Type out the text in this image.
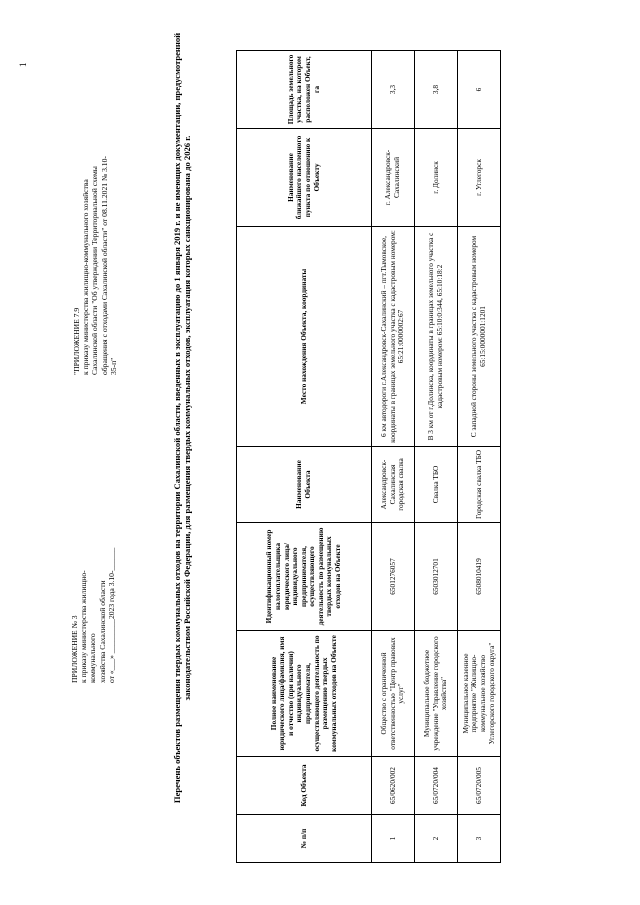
1
ПРИЛОЖЕНИЕ № 3 к приказу министерства жилищно- коммунального хозяйства Сахалинской области от «___» _________2023 года 3.10-______
"ПРИЛОЖЕНИЕ 7.9 к приказу министерства жилищно-коммунального хозяйства Сахалинской области "Об утверждении Территориальной схемы обращения с отходами Сахалинской области" от 08.11.2021 № 3.10- 35-п"	Перечень объектов размещения твердых коммунальных отходов на территории Сахалинской области, введенных в эксплуатацию до 1 января 2019 г. и не имеющих документации, предусмотренной законодательством Российской Федерации, для размещения твердых коммунальных отходов, эксплуатация которых санкционирована до 2026 г.
№ п/п	Код Объекта	Полное наименование юридического лица/фамилия, имя и отчество (при наличии) индивидуального предпринимателя, осуществляющего деятельность по размещению твердых коммунальных отходов на Объекте	Идентификационный номер налогоплательщика юридического лица/ индивидуального предпринимателя, осуществляющего деятельность по размещению твердых коммунальных отходов на Объекте	Наименование Объекта	Место нахождения Объекта, координаты	Наименование ближайшего населенного пункта по отношению к Объекту	Площадь земельного участка, на котором расположен Объект, га
1	65/0620/002	Общество с ограниченной ответственностью "Центр правовых услуг"	6501276057	Александровск-Сахалинская городская свалка	6 км автодороги г.Александровск-Сахалинский – пгт.Тымовское, координаты в границах земельного участка с кадастровым номером: 65:21:0000002:67	г. Александровск-Сахалинский	3,3
2	65/0720/004	Муниципальное бюджетное учреждение "Управление городского хозяйства"	6503012701	Свалка ТБО	В 3 км от г.Долинска, координаты в границах земельного участка с кадастровым номером: 65:10:0:344, 65:10:18:2	г. Долинск	3,8
3	65/0720/005	Муниципальное казенное предприятие "Жилищно-коммунальное хозяйство Углегорского городского округа"	6508010419	Городская свалка ТБО	С западной стороны земельного участка с кадастровым номером 65:15:0000001:1201	г. Углегорск	6
